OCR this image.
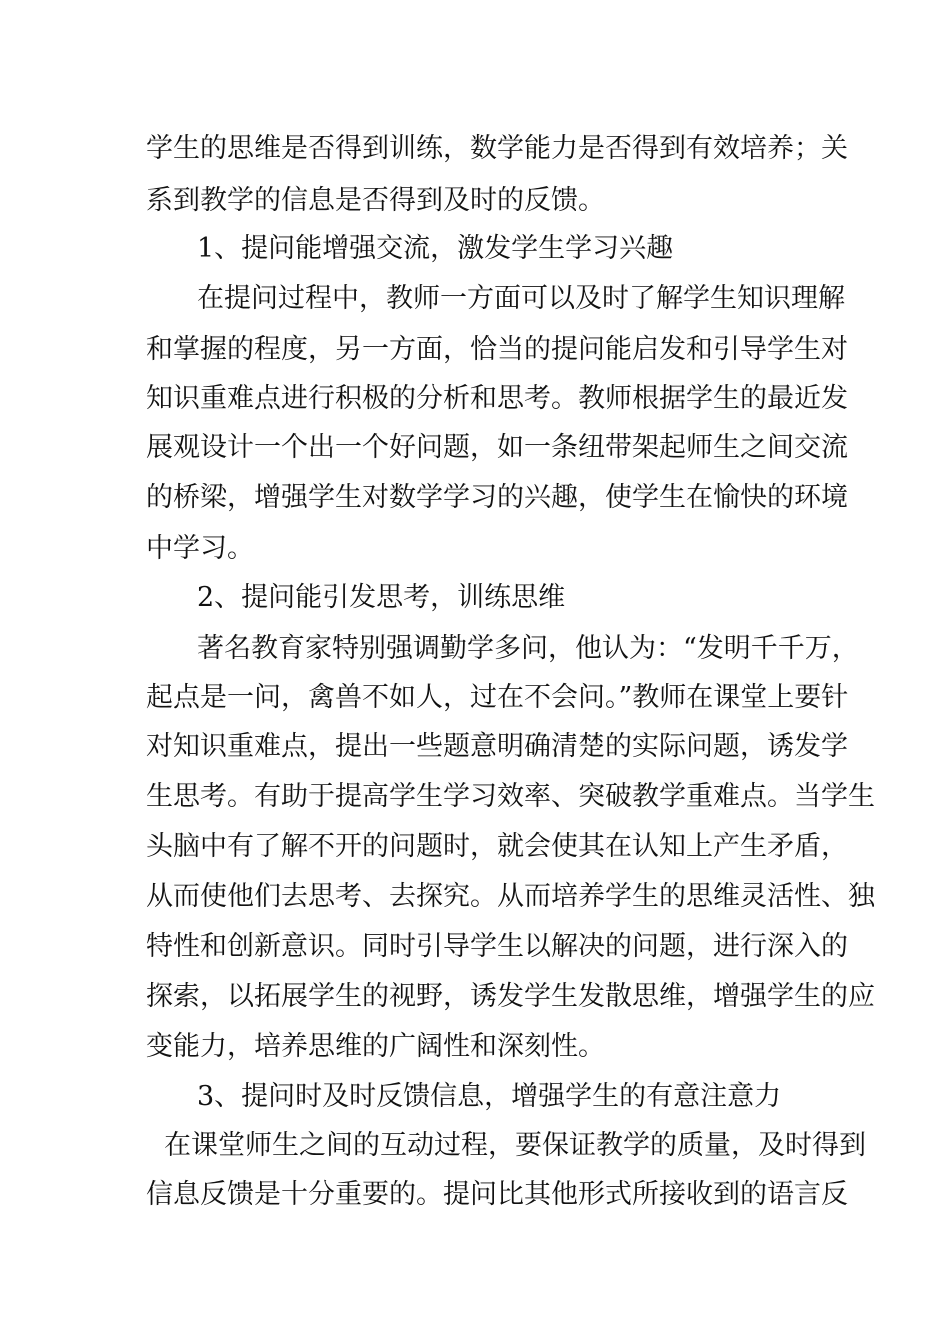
学生的思维是否得到训练，数学能力是否得到有效培养；关
系到教学的信息是否得到及时的反馈。
1、提问能增强交流，激发学生学习兴趣
在提问过程中，教师一方面可以及时了解学生知识理解
和掌握的程度，另一方面，恰当的提问能启发和引导学生对
知识重难点进行积极的分析和思考。教师根据学生的最近发
展观设计一个出一个好问题，如一条纽带架起师生之间交流
的桥梁，增强学生对数学学习的兴趣，使学生在愉快的环境
中学习。
2、提问能引发思考，训练思维
著名教育家特别强调勤学多问，他认为：“发明千千万，
起点是一问，禽兽不如人，过在不会问。”教师在课堂上要针
对知识重难点，提出一些题意明确清楚的实际问题，诱发学
生思考。有助于提高学生学习效率、突破教学重难点。当学生
头脑中有了解不开的问题时，就会使其在认知上产生矛盾，
从而使他们去思考、去探究。从而培养学生的思维灵活性、独
特性和创新意识。同时引导学生以解决的问题，进行深入的
探索，以拓展学生的视野，诱发学生发散思维，增强学生的应
变能力，培养思维的广阔性和深刻性。
3、提问时及时反馈信息，增强学生的有意注意力
在课堂师生之间的互动过程，要保证教学的质量，及时得到
信息反馈是十分重要的。提问比其他形式所接收到的语言反
